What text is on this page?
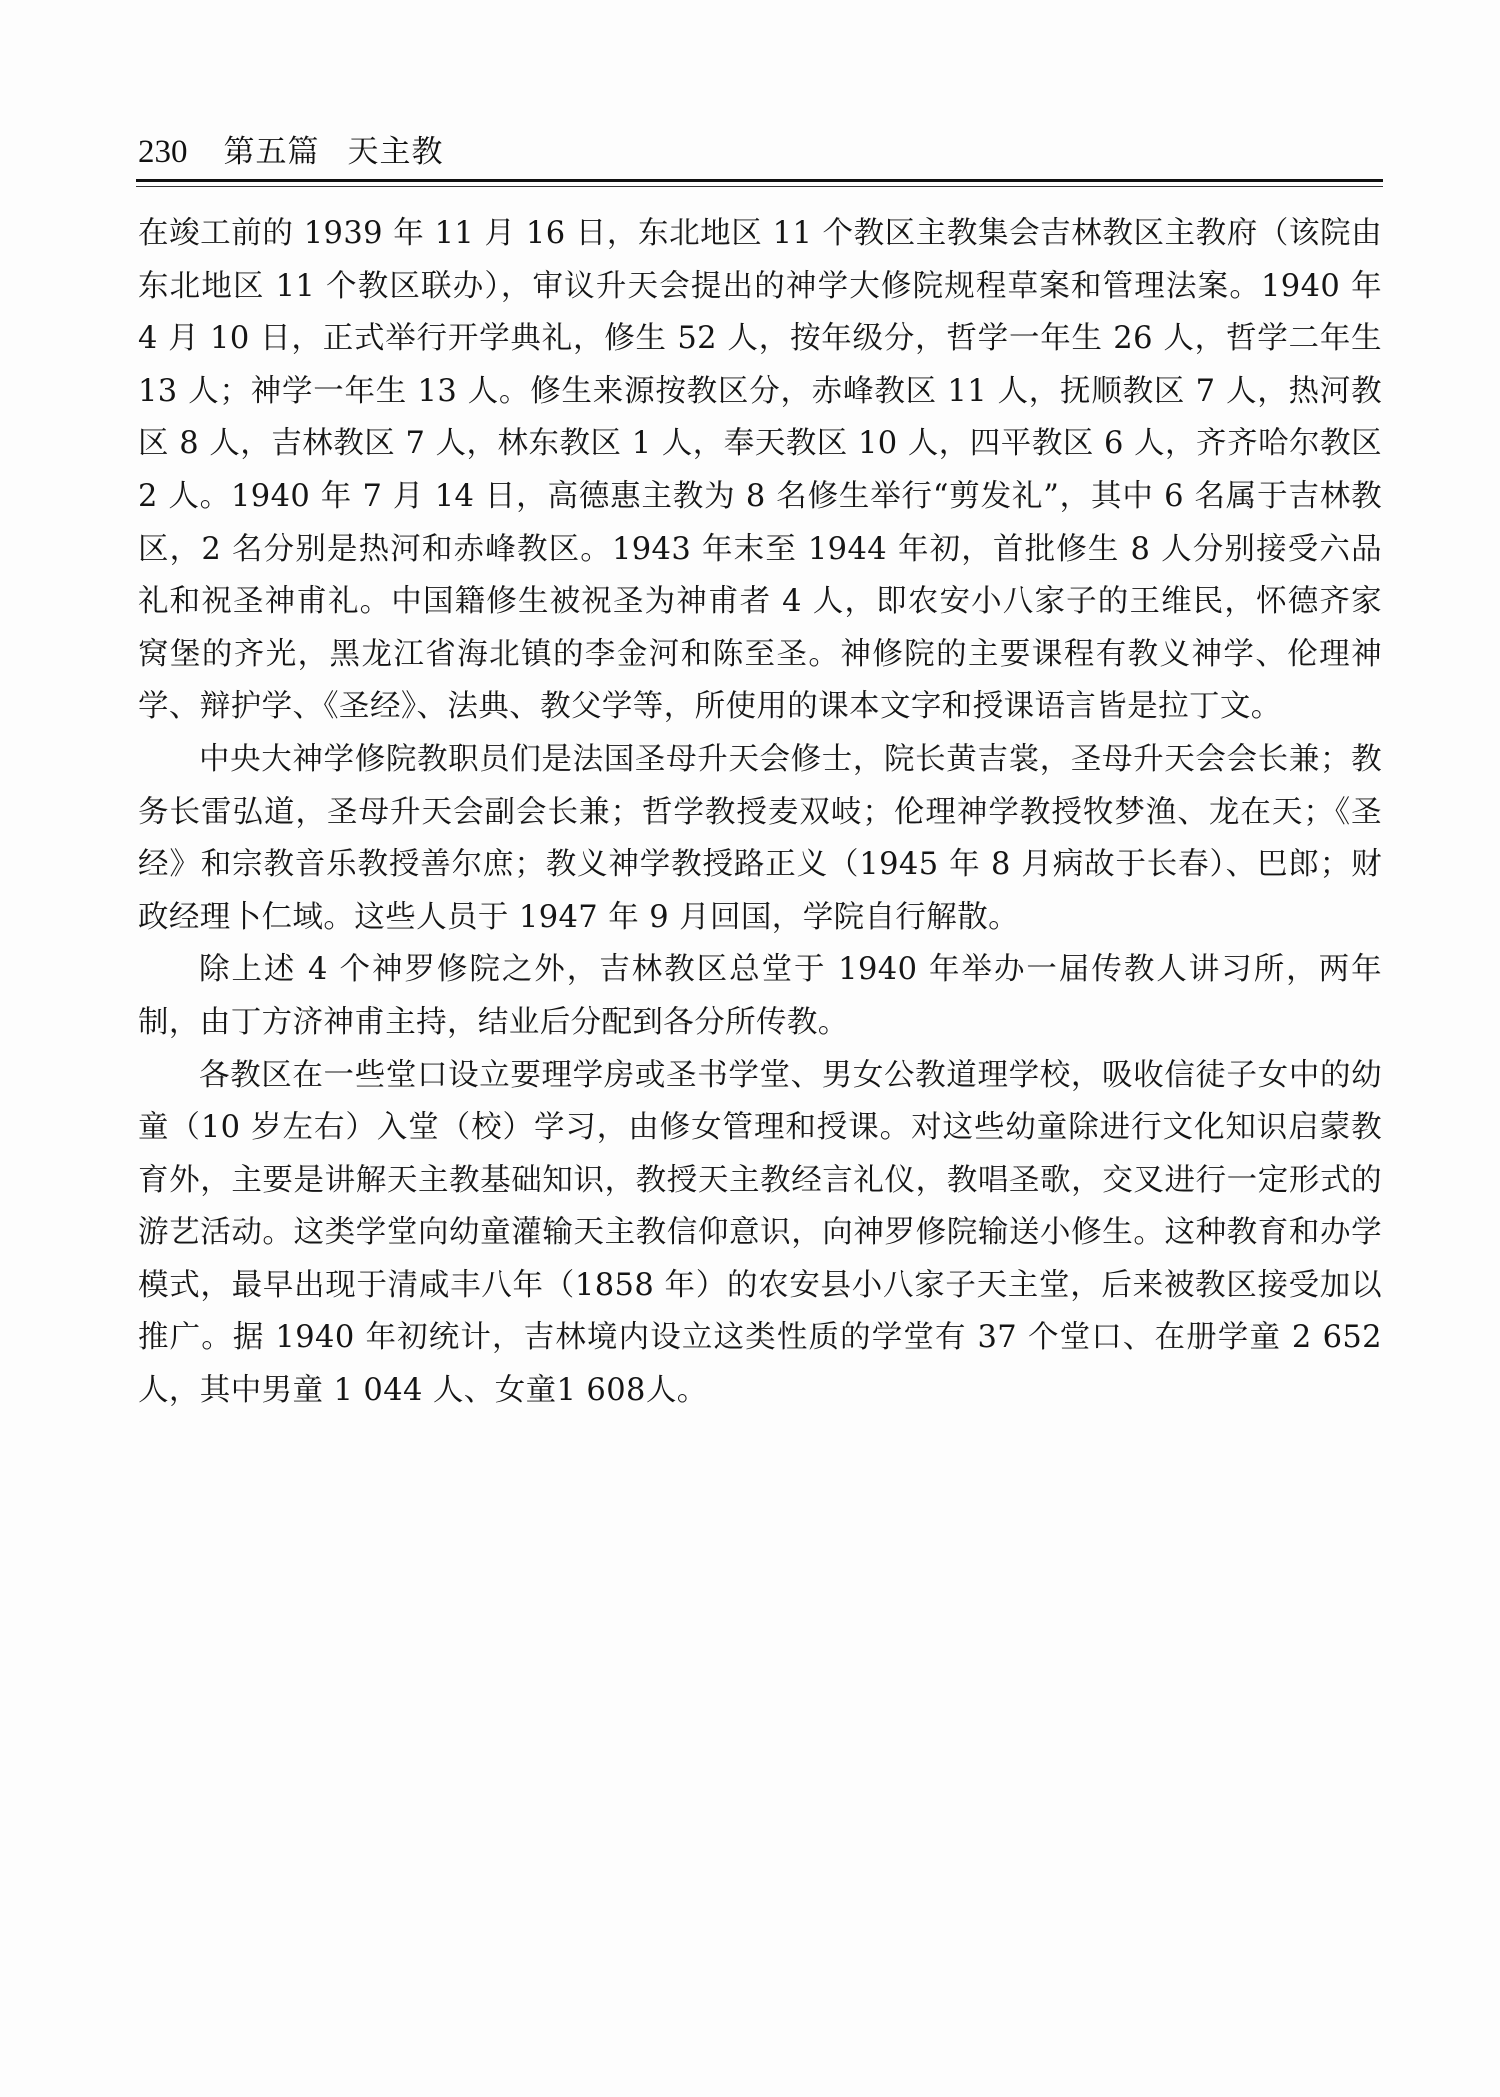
230 第五篇 天主教

在竣工前的 1939 年 11 月 16 日，东北地区 11 个教区主教集会吉林教区主教府（该院由东北地区 11 个教区联办），审议升天会提出的神学大修院规程草案和管理法案。1940 年 4 月 10 日，正式举行开学典礼，修生 52 人，按年级分，哲学一年生 26 人，哲学二年生 13 人；神学一年生 13 人。修生来源按教区分，赤峰教区 11 人，抚顺教区 7 人，热河教区 8 人，吉林教区 7 人，林东教区 1 人，奉天教区 10 人，四平教区 6 人，齐齐哈尔教区 2 人。1940 年 7 月 14 日，高德惠主教为 8 名修生举行“剪发礼”，其中 6 名属于吉林教区，2 名分别是热河和赤峰教区。1943 年末至 1944 年初，首批修生 8 人分别接受六品礼和祝圣神甫礼。中国籍修生被祝圣为神甫者 4 人，即农安小八家子的王维民，怀德齐家窝堡的齐光，黑龙江省海北镇的李金河和陈至圣。神修院的主要课程有教义神学、伦理神学、辩护学、《圣经》、法典、教父学等，所使用的课本文字和授课语言皆是拉丁文。

中央大神学修院教职员们是法国圣母升天会修士，院长黄吉裳，圣母升天会会长兼；教务长雷弘道，圣母升天会副会长兼；哲学教授麦双岐；伦理神学教授牧梦渔、龙在天；《圣经》和宗教音乐教授善尔庶；教义神学教授路正义（1945 年 8 月病故于长春）、巴郎；财政经理卜仁域。这些人员于 1947 年 9 月回国，学院自行解散。

除上述 4 个神罗修院之外，吉林教区总堂于 1940 年举办一届传教人讲习所，两年制，由丁方济神甫主持，结业后分配到各分所传教。

各教区在一些堂口设立要理学房或圣书学堂、男女公教道理学校，吸收信徒子女中的幼童（10 岁左右）入堂（校）学习，由修女管理和授课。对这些幼童除进行文化知识启蒙教育外，主要是讲解天主教基础知识，教授天主教经言礼仪，教唱圣歌，交叉进行一定形式的游艺活动。这类学堂向幼童灌输天主教信仰意识，向神罗修院输送小修生。这种教育和办学模式，最早出现于清咸丰八年（1858 年）的农安县小八家子天主堂，后来被教区接受加以推广。据 1940 年初统计，吉林境内设立这类性质的学堂有 37 个堂口、在册学童 2 652 人，其中男童 1 044 人、女童1 608人。
